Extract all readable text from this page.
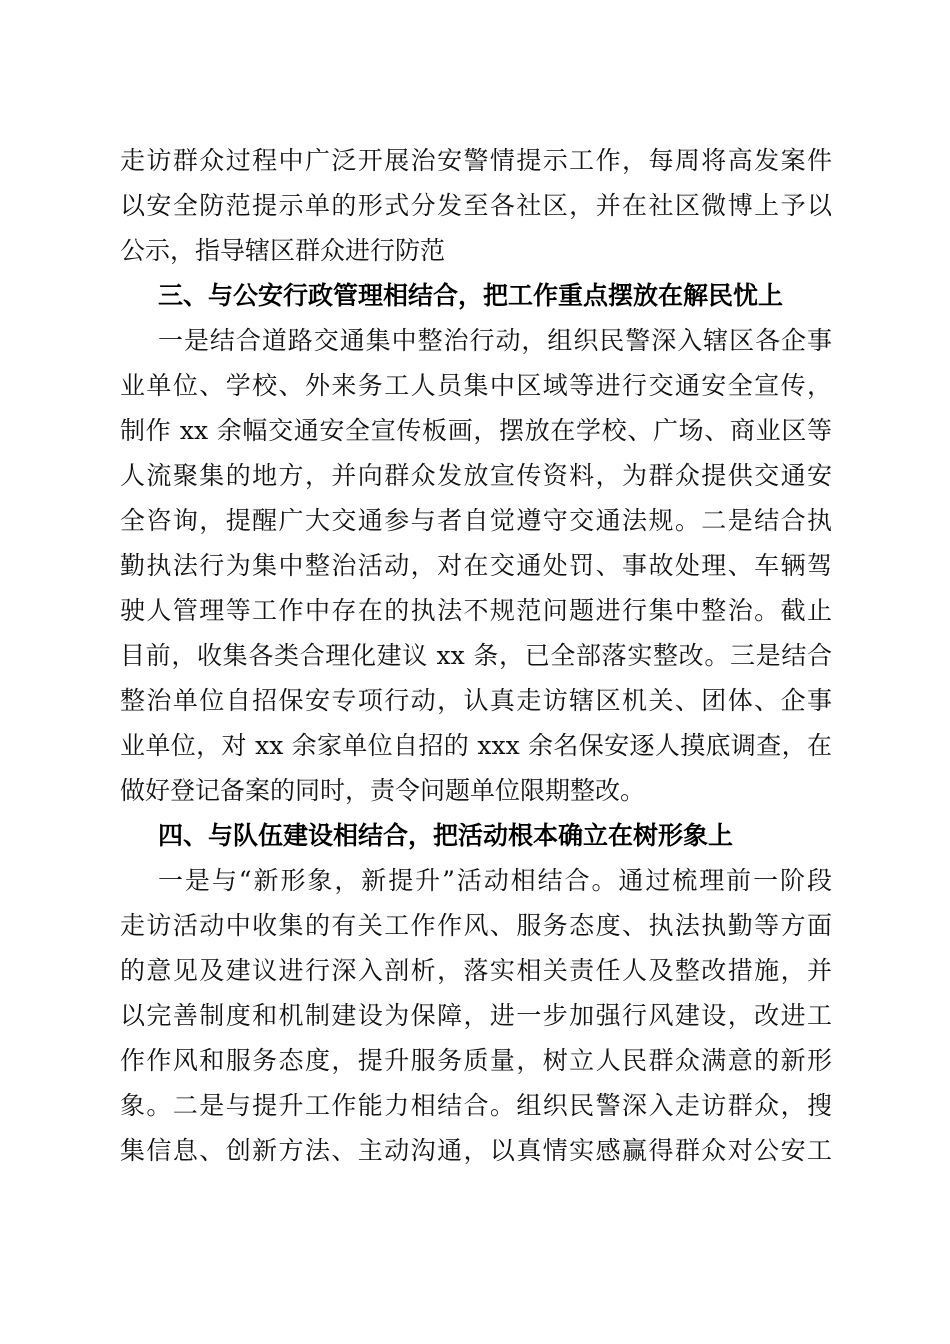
走访群众过程中广泛开展治安警情提示工作，每周将高发案件
以安全防范提示单的形式分发至各社区，并在社区微博上予以
公示，指导辖区群众进行防范
三、与公安行政管理相结合，把工作重点摆放在解民忧上
一是结合道路交通集中整治行动，组织民警深入辖区各企事
业单位、学校、外来务工人员集中区域等进行交通安全宣传，
制作 xx 余幅交通安全宣传板画，摆放在学校、广场、商业区等
人流聚集的地方，并向群众发放宣传资料，为群众提供交通安
全咨询，提醒广大交通参与者自觉遵守交通法规。二是结合执
勤执法行为集中整治活动，对在交通处罚、事故处理、车辆驾
驶人管理等工作中存在的执法不规范问题进行集中整治。截止
目前，收集各类合理化建议 xx 条，已全部落实整改。三是结合
整治单位自招保安专项行动，认真走访辖区机关、团体、企事
业单位，对 xx 余家单位自招的 xxx 余名保安逐人摸底调查，在
做好登记备案的同时，责令问题单位限期整改。
四、与队伍建设相结合，把活动根本确立在树形象上
一是与“新形象，新提升”活动相结合。通过梳理前一阶段
走访活动中收集的有关工作作风、服务态度、执法执勤等方面
的意见及建议进行深入剖析，落实相关责任人及整改措施，并
以完善制度和机制建设为保障，进一步加强行风建设，改进工
作作风和服务态度，提升服务质量，树立人民群众满意的新形
象。二是与提升工作能力相结合。组织民警深入走访群众，搜
集信息、创新方法、主动沟通，以真情实感赢得群众对公安工
